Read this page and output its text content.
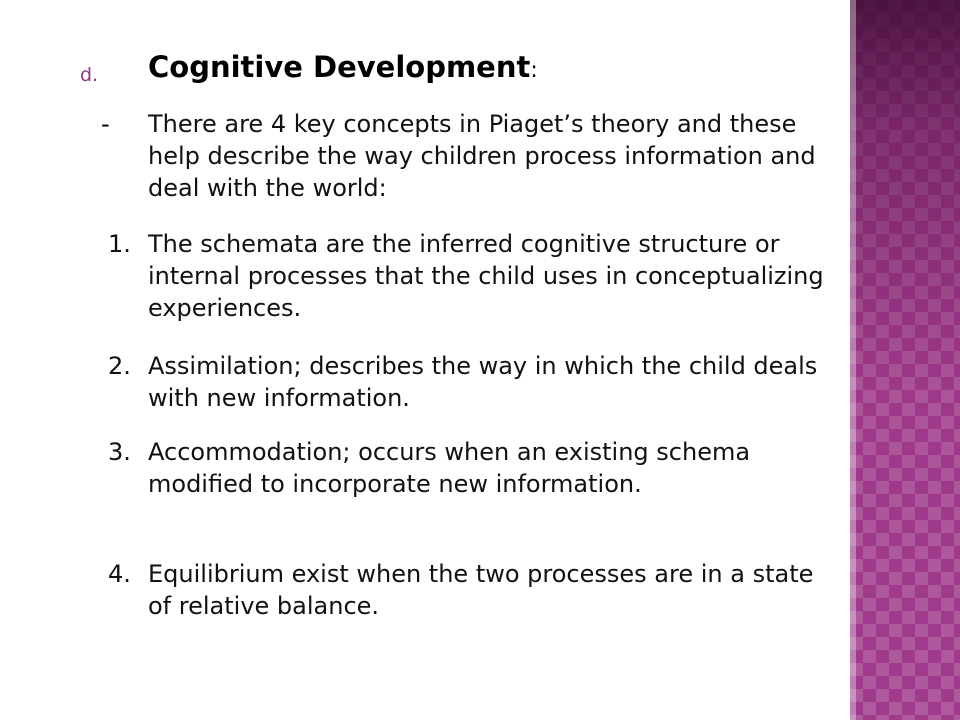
d. Cognitive Development:
- There are 4 key concepts in Piaget’s theory and these help describe the way children process information and deal with the world:
1. The schemata are the inferred cognitive structure or internal processes that the child uses in conceptualizing experiences.
2. Assimilation; describes the way in which the child deals with new information.
3. Accommodation; occurs when an existing schema modified to incorporate new information.
4. Equilibrium exist when the two processes are in a state of relative balance.
